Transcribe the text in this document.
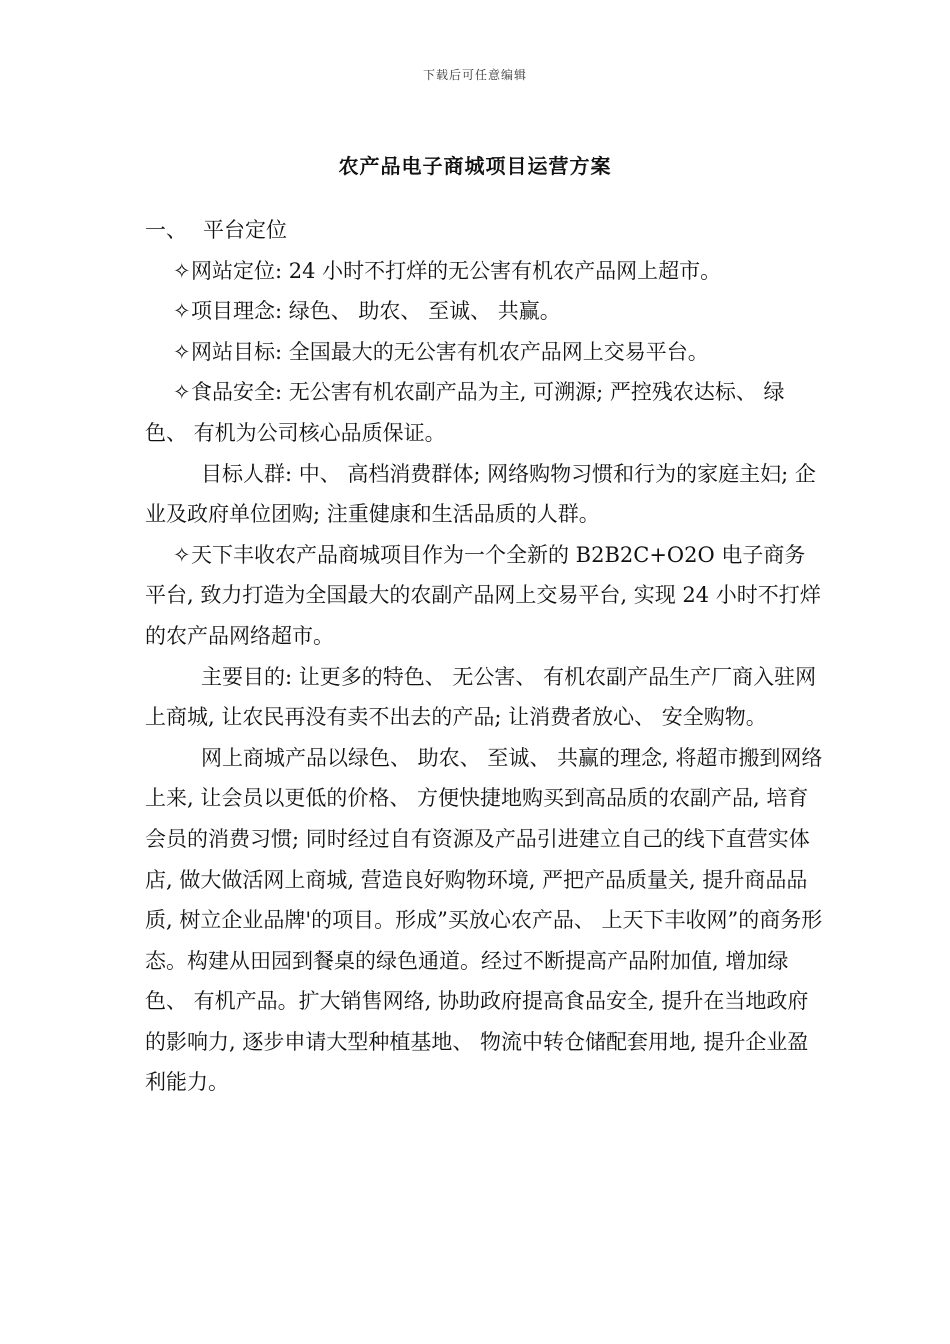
下载后可任意编辑
农产品电子商城项目运营方案

一、 平台定位

✧网站定位: 24 小时不打烊的无公害有机农产品网上超市。

✧项目理念: 绿色、 助农、 至诚、 共赢。

✧网站目标: 全国最大的无公害有机农产品网上交易平台。

✧食品安全: 无公害有机农副产品为主, 可溯源; 严控残农达标、 绿色、 有机为公司核心品质保证。

目标人群: 中、 高档消费群体; 网络购物习惯和行为的家庭主妇; 企业及政府单位团购; 注重健康和生活品质的人群。

✧天下丰收农产品商城项目作为一个全新的 B2B2C+O2O 电子商务平台, 致力打造为全国最大的农副产品网上交易平台, 实现 24 小时不打烊的农产品网络超市。

主要目的: 让更多的特色、 无公害、 有机农副产品生产厂商入驻网上商城, 让农民再没有卖不出去的产品; 让消费者放心、 安全购物。

网上商城产品以绿色、 助农、 至诚、 共赢的理念, 将超市搬到网络上来, 让会员以更低的价格、 方便快捷地购买到高品质的农副产品, 培育会员的消费习惯; 同时经过自有资源及产品引进建立自己的线下直营实体店, 做大做活网上商城, 营造良好购物环境, 严把产品质量关, 提升商品品质, 树立企业品牌'的项目。形成”买放心农产品、 上天下丰收网”的商务形态。构建从田园到餐桌的绿色通道。经过不断提高产品附加值, 增加绿色、 有机产品。扩大销售网络, 协助政府提高食品安全, 提升在当地政府的影响力, 逐步申请大型种植基地、 物流中转仓储配套用地, 提升企业盈利能力。
